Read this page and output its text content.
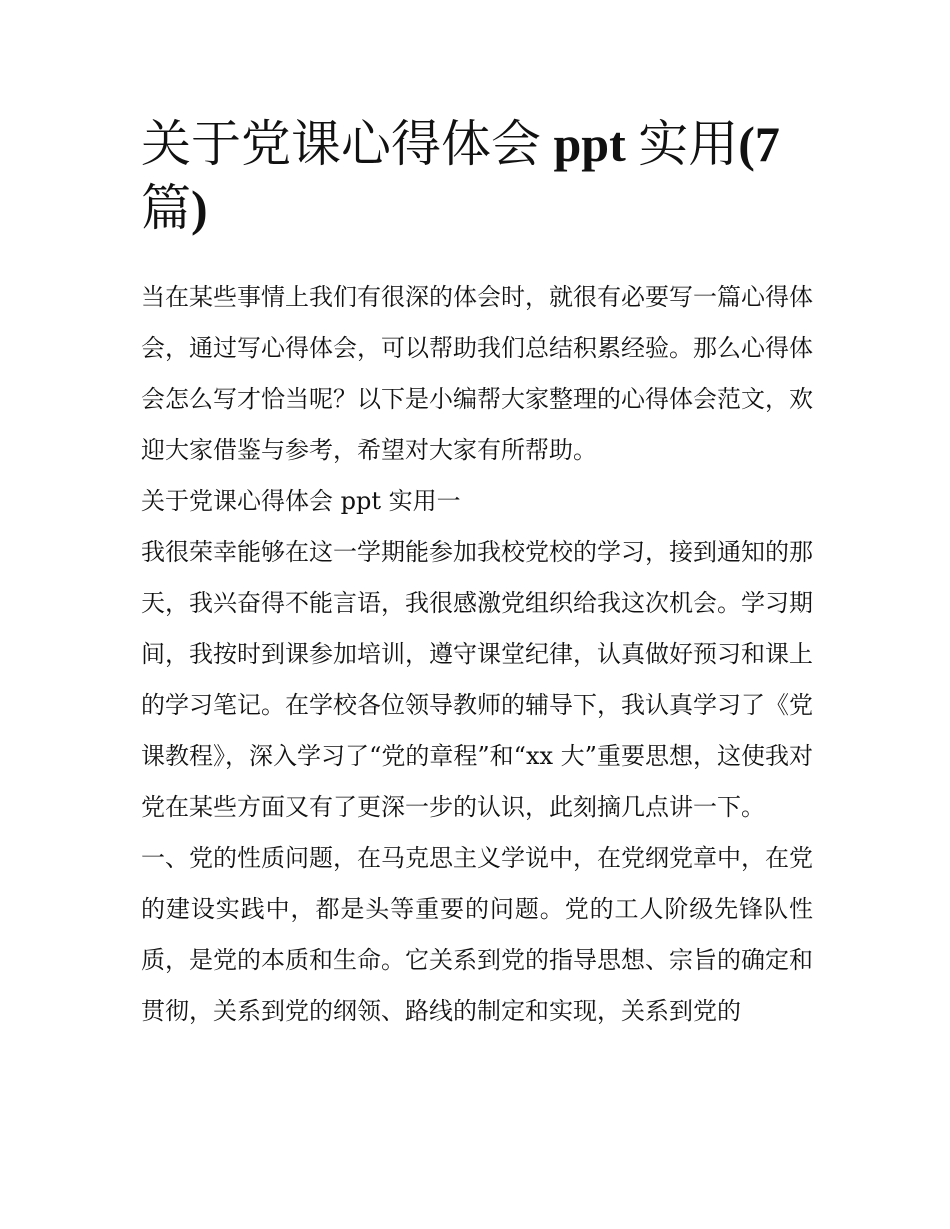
关于党课心得体会 ppt 实用(7
篇)

当在某些事情上我们有很深的体会时，就很有必要写一篇心得体会，通过写心得体会，可以帮助我们总结积累经验。那么心得体会怎么写才恰当呢？以下是小编帮大家整理的心得体会范文，欢迎大家借鉴与参考，希望对大家有所帮助。

关于党课心得体会 ppt 实用一

我很荣幸能够在这一学期能参加我校党校的学习，接到通知的那天，我兴奋得不能言语，我很感激党组织给我这次机会。学习期间，我按时到课参加培训，遵守课堂纪律，认真做好预习和课上的学习笔记。在学校各位领导教师的辅导下，我认真学习了《党课教程》，深入学习了“党的章程”和“xx 大”重要思想，这使我对党在某些方面又有了更深一步的认识，此刻摘几点讲一下。

一、党的性质问题，在马克思主义学说中，在党纲党章中，在党的建设实践中，都是头等重要的问题。党的工人阶级先锋队性质，是党的本质和生命。它关系到党的指导思想、宗旨的确定和贯彻，关系到党的纲领、路线的制定和实现，关系到党的
